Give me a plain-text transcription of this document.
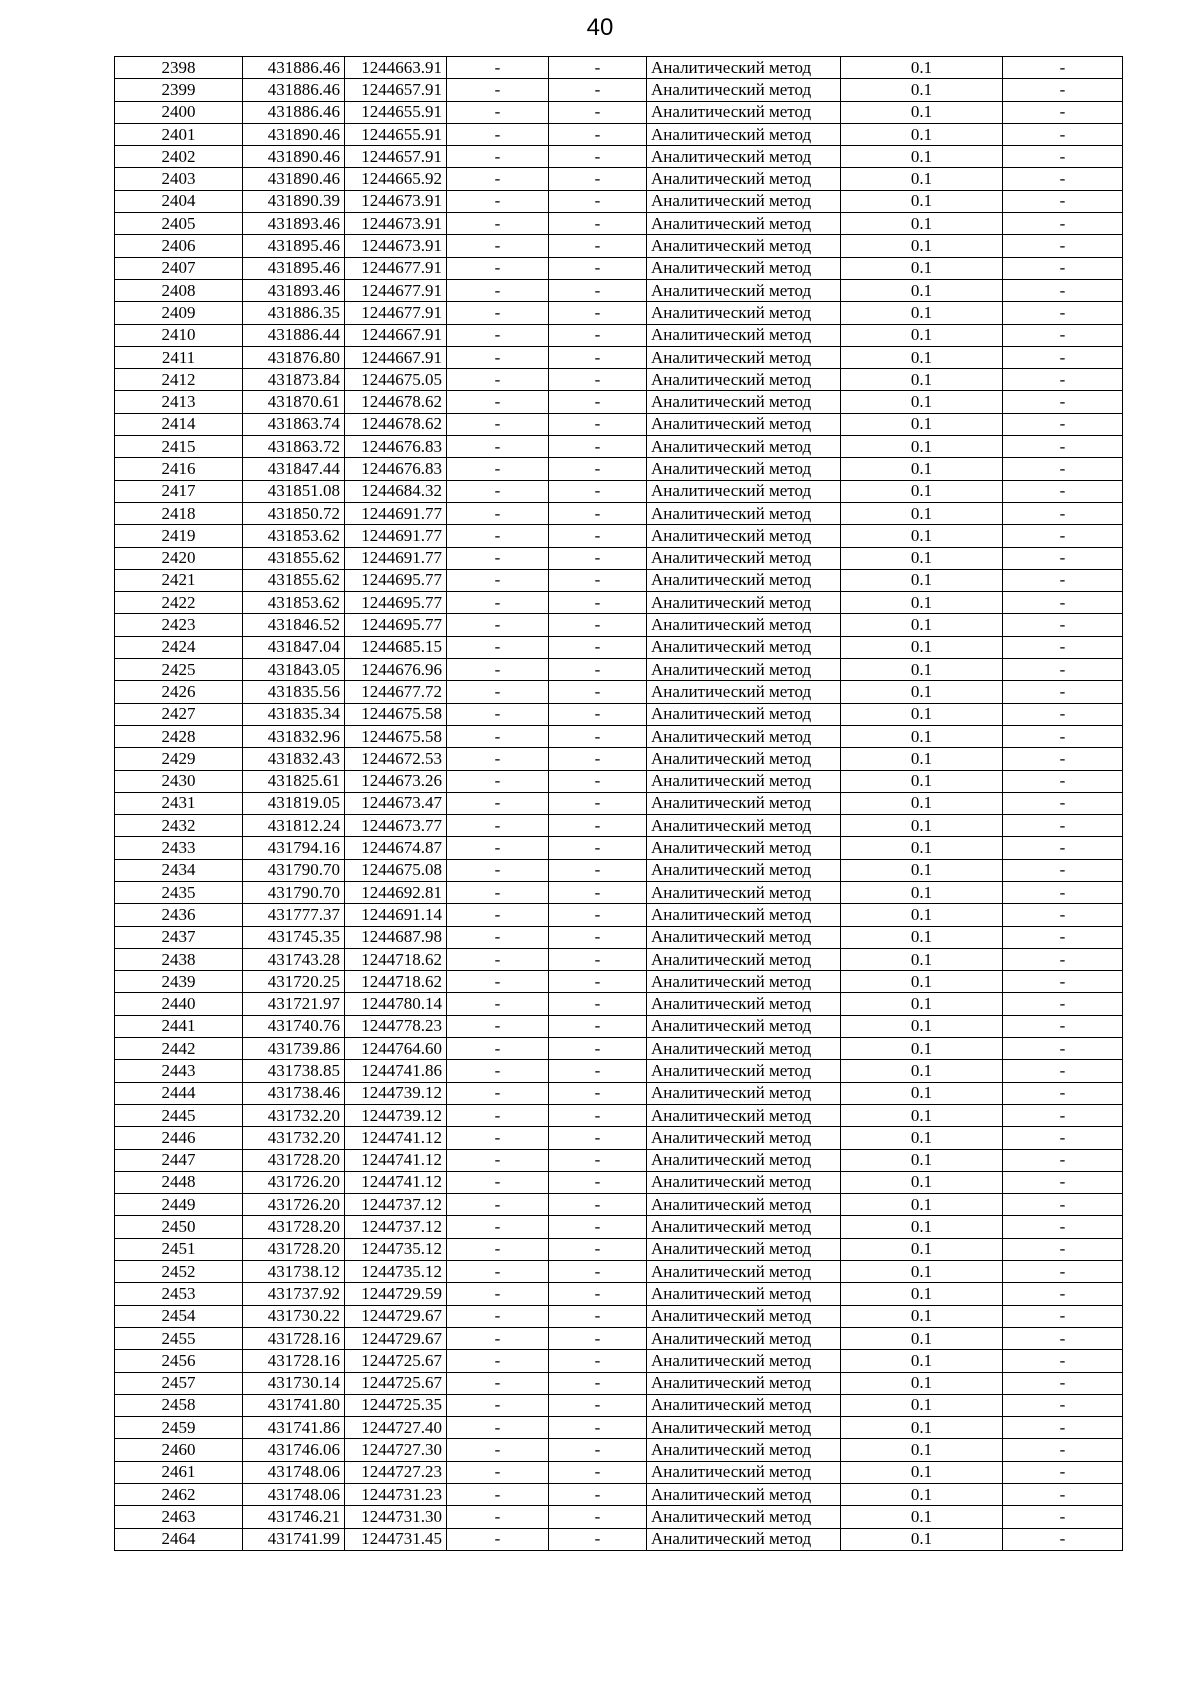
40
2398	431886.46	1244663.91	-	-	Аналитический метод	0.1	-
2399	431886.46	1244657.91	-	-	Аналитический метод	0.1	-
2400	431886.46	1244655.91	-	-	Аналитический метод	0.1	-
2401	431890.46	1244655.91	-	-	Аналитический метод	0.1	-
2402	431890.46	1244657.91	-	-	Аналитический метод	0.1	-
2403	431890.46	1244665.92	-	-	Аналитический метод	0.1	-
2404	431890.39	1244673.91	-	-	Аналитический метод	0.1	-
2405	431893.46	1244673.91	-	-	Аналитический метод	0.1	-
2406	431895.46	1244673.91	-	-	Аналитический метод	0.1	-
2407	431895.46	1244677.91	-	-	Аналитический метод	0.1	-
2408	431893.46	1244677.91	-	-	Аналитический метод	0.1	-
2409	431886.35	1244677.91	-	-	Аналитический метод	0.1	-
2410	431886.44	1244667.91	-	-	Аналитический метод	0.1	-
2411	431876.80	1244667.91	-	-	Аналитический метод	0.1	-
2412	431873.84	1244675.05	-	-	Аналитический метод	0.1	-
2413	431870.61	1244678.62	-	-	Аналитический метод	0.1	-
2414	431863.74	1244678.62	-	-	Аналитический метод	0.1	-
2415	431863.72	1244676.83	-	-	Аналитический метод	0.1	-
2416	431847.44	1244676.83	-	-	Аналитический метод	0.1	-
2417	431851.08	1244684.32	-	-	Аналитический метод	0.1	-
2418	431850.72	1244691.77	-	-	Аналитический метод	0.1	-
2419	431853.62	1244691.77	-	-	Аналитический метод	0.1	-
2420	431855.62	1244691.77	-	-	Аналитический метод	0.1	-
2421	431855.62	1244695.77	-	-	Аналитический метод	0.1	-
2422	431853.62	1244695.77	-	-	Аналитический метод	0.1	-
2423	431846.52	1244695.77	-	-	Аналитический метод	0.1	-
2424	431847.04	1244685.15	-	-	Аналитический метод	0.1	-
2425	431843.05	1244676.96	-	-	Аналитический метод	0.1	-
2426	431835.56	1244677.72	-	-	Аналитический метод	0.1	-
2427	431835.34	1244675.58	-	-	Аналитический метод	0.1	-
2428	431832.96	1244675.58	-	-	Аналитический метод	0.1	-
2429	431832.43	1244672.53	-	-	Аналитический метод	0.1	-
2430	431825.61	1244673.26	-	-	Аналитический метод	0.1	-
2431	431819.05	1244673.47	-	-	Аналитический метод	0.1	-
2432	431812.24	1244673.77	-	-	Аналитический метод	0.1	-
2433	431794.16	1244674.87	-	-	Аналитический метод	0.1	-
2434	431790.70	1244675.08	-	-	Аналитический метод	0.1	-
2435	431790.70	1244692.81	-	-	Аналитический метод	0.1	-
2436	431777.37	1244691.14	-	-	Аналитический метод	0.1	-
2437	431745.35	1244687.98	-	-	Аналитический метод	0.1	-
2438	431743.28	1244718.62	-	-	Аналитический метод	0.1	-
2439	431720.25	1244718.62	-	-	Аналитический метод	0.1	-
2440	431721.97	1244780.14	-	-	Аналитический метод	0.1	-
2441	431740.76	1244778.23	-	-	Аналитический метод	0.1	-
2442	431739.86	1244764.60	-	-	Аналитический метод	0.1	-
2443	431738.85	1244741.86	-	-	Аналитический метод	0.1	-
2444	431738.46	1244739.12	-	-	Аналитический метод	0.1	-
2445	431732.20	1244739.12	-	-	Аналитический метод	0.1	-
2446	431732.20	1244741.12	-	-	Аналитический метод	0.1	-
2447	431728.20	1244741.12	-	-	Аналитический метод	0.1	-
2448	431726.20	1244741.12	-	-	Аналитический метод	0.1	-
2449	431726.20	1244737.12	-	-	Аналитический метод	0.1	-
2450	431728.20	1244737.12	-	-	Аналитический метод	0.1	-
2451	431728.20	1244735.12	-	-	Аналитический метод	0.1	-
2452	431738.12	1244735.12	-	-	Аналитический метод	0.1	-
2453	431737.92	1244729.59	-	-	Аналитический метод	0.1	-
2454	431730.22	1244729.67	-	-	Аналитический метод	0.1	-
2455	431728.16	1244729.67	-	-	Аналитический метод	0.1	-
2456	431728.16	1244725.67	-	-	Аналитический метод	0.1	-
2457	431730.14	1244725.67	-	-	Аналитический метод	0.1	-
2458	431741.80	1244725.35	-	-	Аналитический метод	0.1	-
2459	431741.86	1244727.40	-	-	Аналитический метод	0.1	-
2460	431746.06	1244727.30	-	-	Аналитический метод	0.1	-
2461	431748.06	1244727.23	-	-	Аналитический метод	0.1	-
2462	431748.06	1244731.23	-	-	Аналитический метод	0.1	-
2463	431746.21	1244731.30	-	-	Аналитический метод	0.1	-
2464	431741.99	1244731.45	-	-	Аналитический метод	0.1	-
